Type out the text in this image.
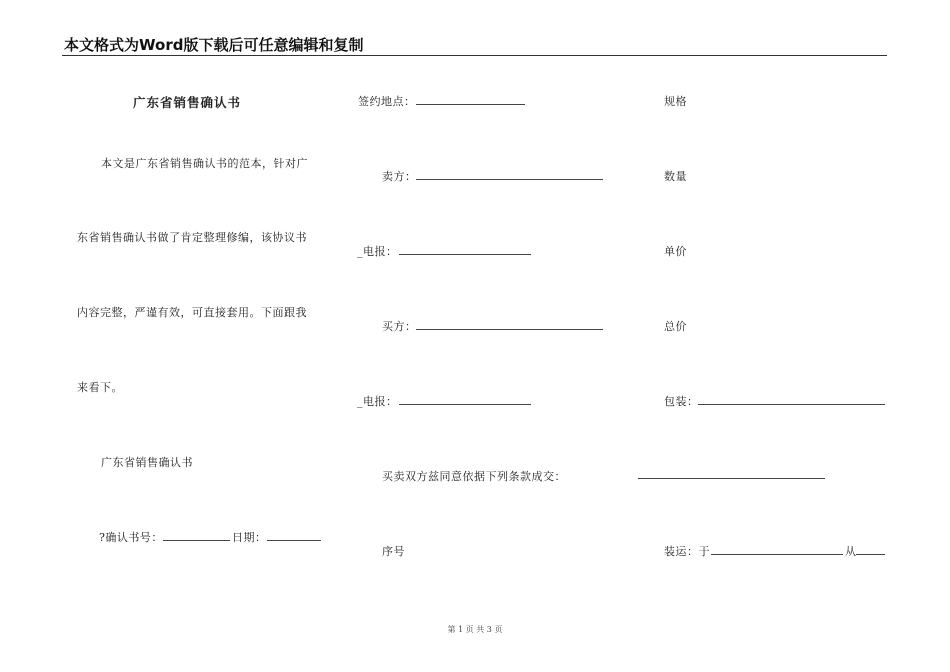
本文格式为Word版下载后可任意编辑和复制
广东省销售确认书
本文是广东省销售确认书的范本，针对广
东省销售确认书做了肯定整理修编，该协议书
内容完整，严谨有效，可直接套用。下面跟我
来看下。
广东省销售确认书
?确认书号：	日期：
签约地点：
卖方：
_电报：
买方：
_电报：
买卖双方兹同意依据下列条款成交：
序号
规格
数量
单价
总价
包装：
装运：于	从
第 1 页 共 3 页
